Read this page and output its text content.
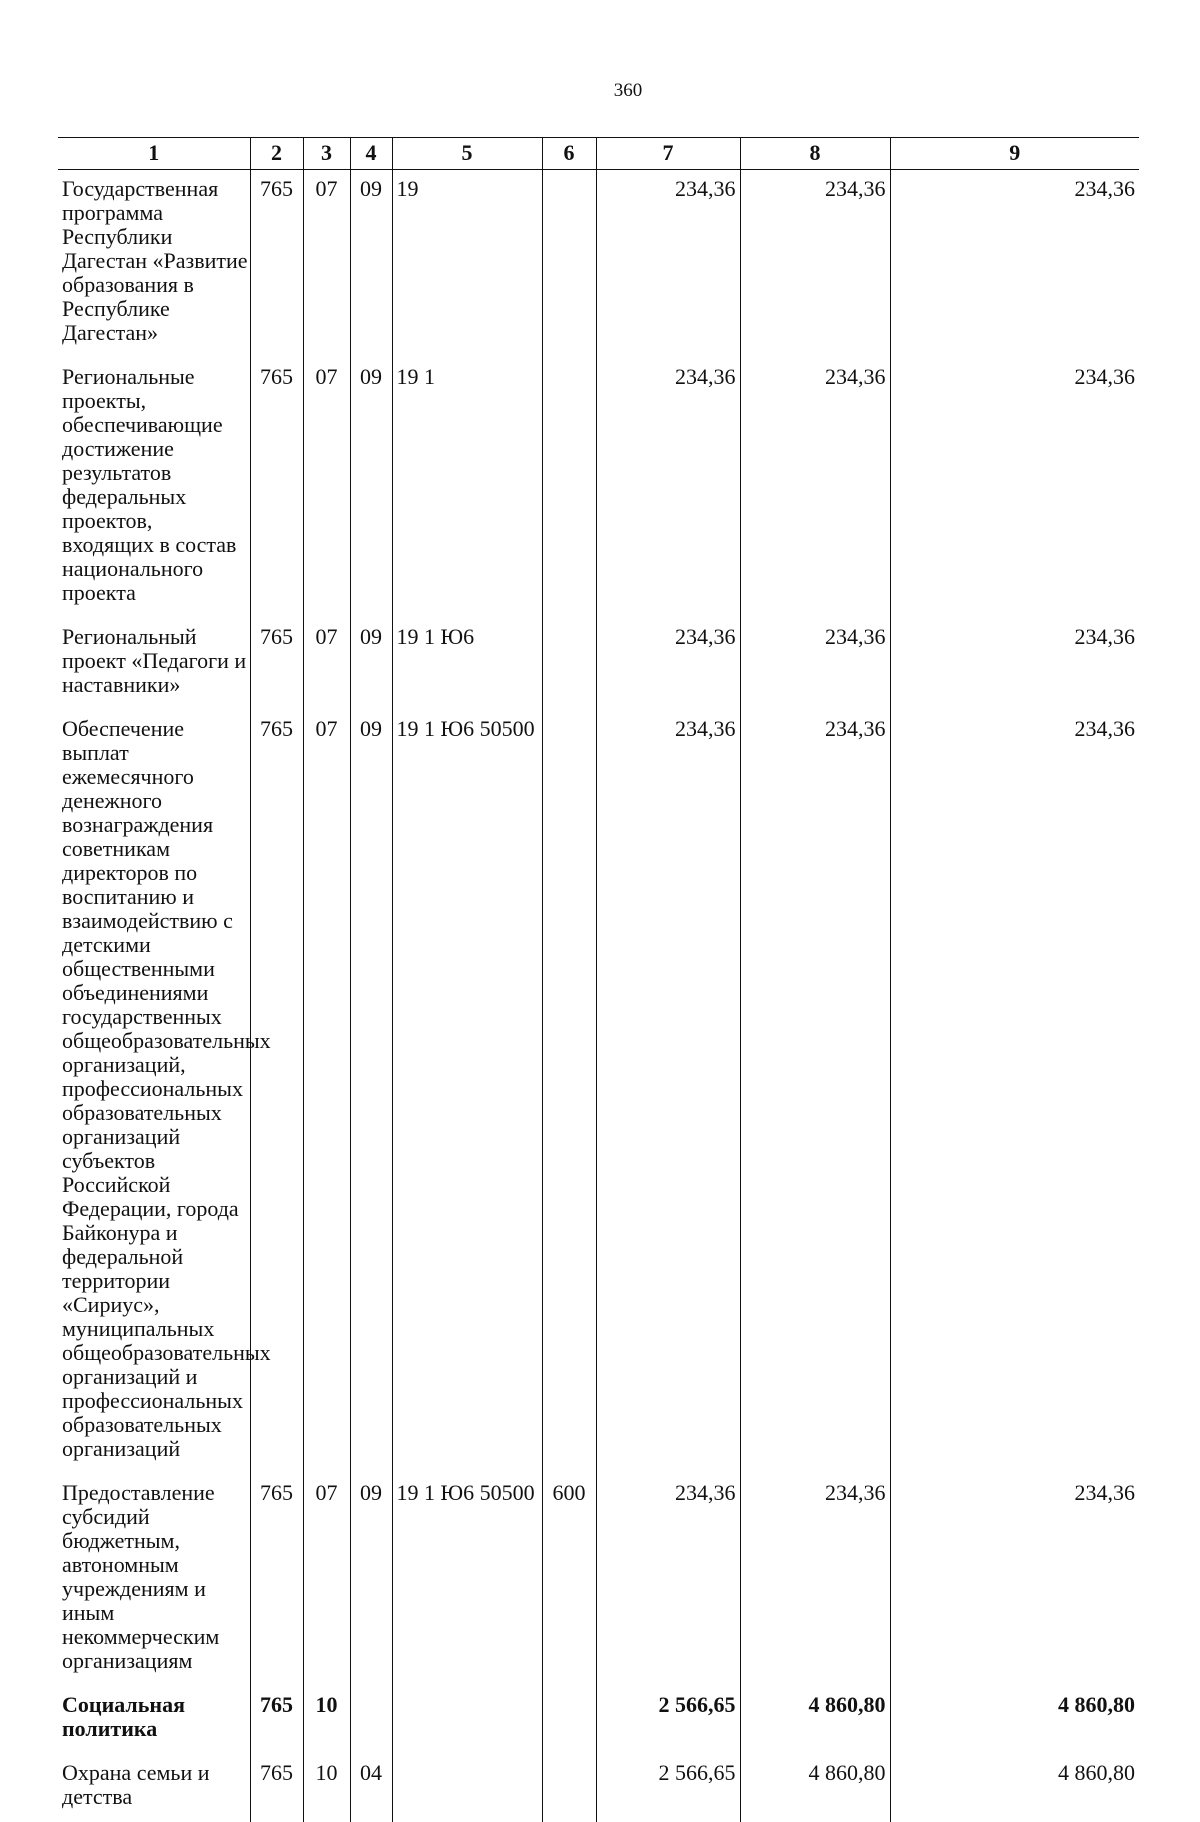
360
1	2	3	4	5	6	7	8	9
Государственная программа Республики Дагестан «Развитие образования в Республике Дагестан»	765	07	09	19		234,36	234,36	234,36
Региональные проекты, обеспечивающие достижение результатов федеральных проектов, входящих в состав национального проекта	765	07	09	19 1		234,36	234,36	234,36
Региональный проект «Педагоги и наставники»	765	07	09	19 1 Ю6		234,36	234,36	234,36
Обеспечение выплат ежемесячного денежного вознаграждения советникам директоров по воспитанию и взаимодействию с детскими общественными объединениями государственных общеобразовательных организаций, профессиональных образовательных организаций субъектов Российской Федерации, города Байконура и федеральной территории «Сириус», муниципальных общеобразовательных организаций и профессиональных образовательных организаций	765	07	09	19 1 Ю6 50500		234,36	234,36	234,36
Предоставление субсидий бюджетным, автономным учреждениям и иным некоммерческим организациям	765	07	09	19 1 Ю6 50500	600	234,36	234,36	234,36
Социальная политика	765	10				2 566,65	4 860,80	4 860,80
Охрана семьи и детства	765	10	04			2 566,65	4 860,80	4 860,80
